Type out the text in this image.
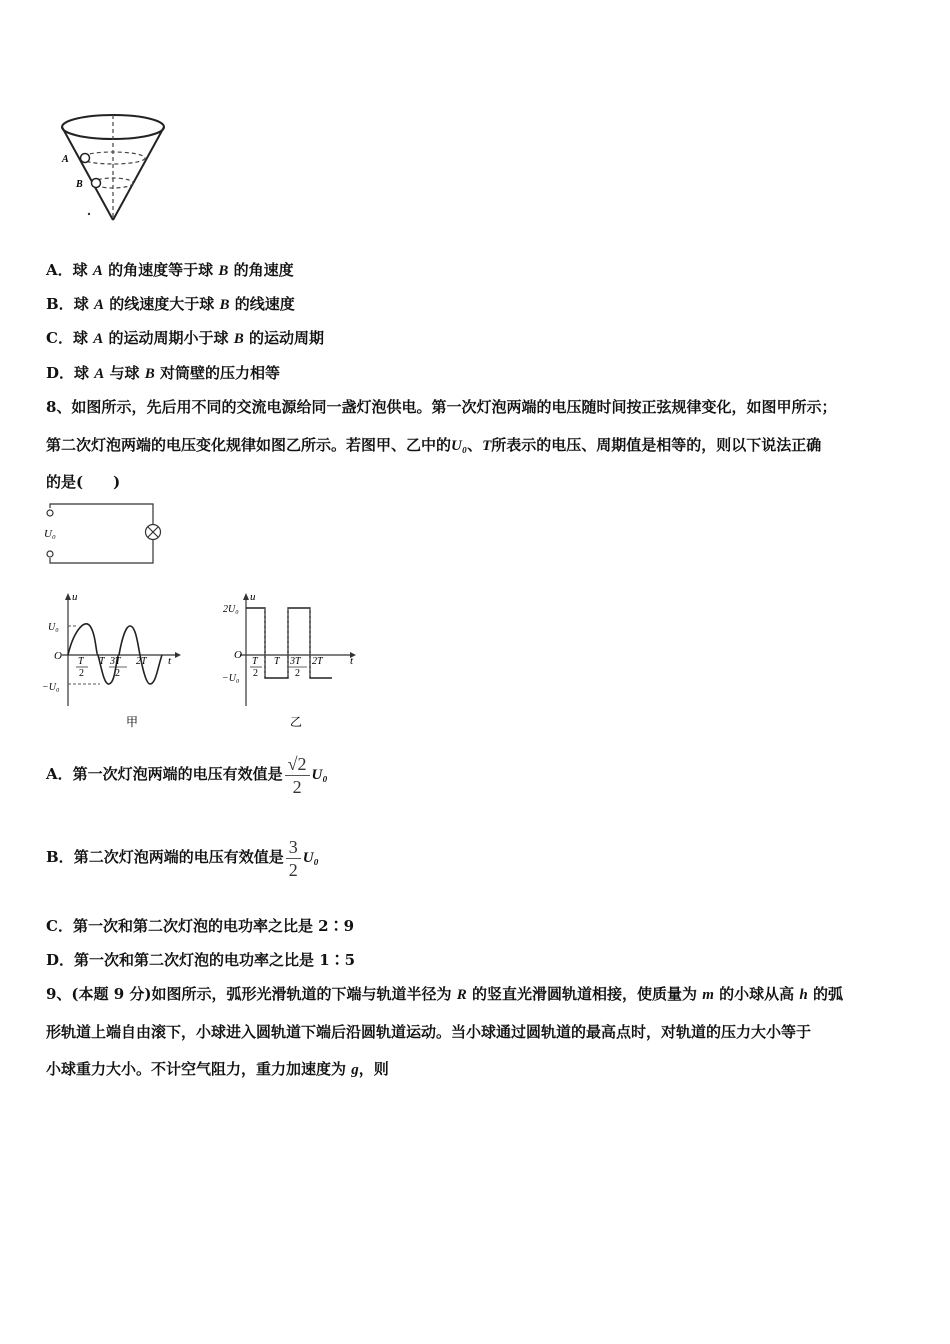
A
B
A．球 A 的角速度等于球 B 的角速度
B．球 A 的线速度大于球 B 的线速度
C．球 A 的运动周期小于球 B 的运动周期
D．球 A 与球 B 对筒壁的压力相等
8、如图所示，先后用不同的交流电源给同一盏灯泡供电。第一次灯泡两端的电压随时间按正弦规律变化，如图甲所示；
第二次灯泡两端的电压变化规律如图乙所示。若图甲、乙中的U₀、T所表示的电压、周期值是相等的，则以下说法正确
的是(　　)
U₀
u
t
O
U₀
−U₀
T
2
T 3T
2
2T
甲
u
t
O
2U₀
−U₀
T
2
T 3T
2
2T
乙
A．第一次灯泡两端的电压有效值是 $\frac{√2}{2} U_0$
B．第二次灯泡两端的电压有效值是 $\frac{3}{2} U_0$
C．第一次和第二次灯泡的电功率之比是 2∶9
D．第一次和第二次灯泡的电功率之比是 1∶5
9、(本题 9 分)如图所示，弧形光滑轨道的下端与轨道半径为 R 的竖直光滑圆轨道相接，使质量为 m 的小球从高 h 的弧
形轨道上端自由滚下，小球进入圆轨道下端后沿圆轨道运动。当小球通过圆轨道的最高点时，对轨道的压力大小等于
小球重力大小。不计空气阻力，重力加速度为 g，则
